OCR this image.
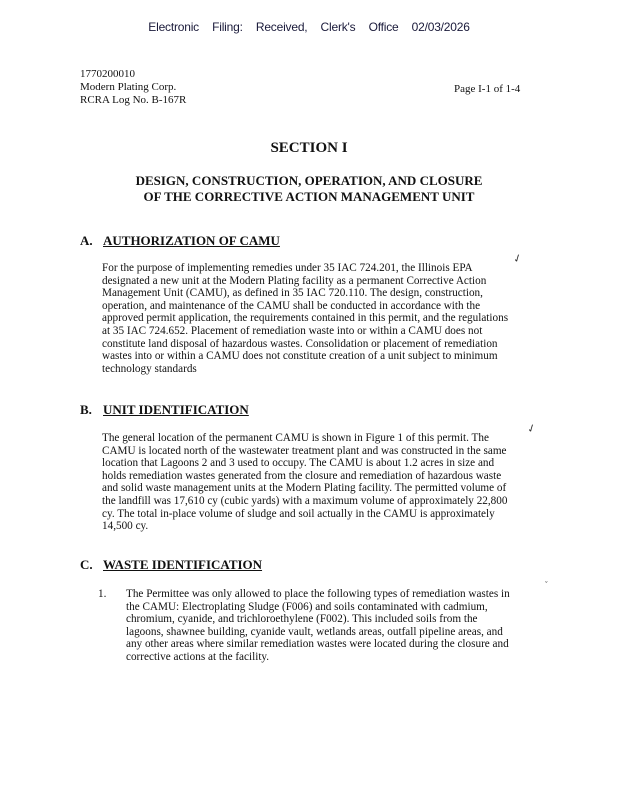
Electronic Filing: Received, Clerk's Office 02/03/2026
1770200010
Modern Plating Corp.
RCRA Log No. B-167R
Page I-1 of 1-4
SECTION I
DESIGN, CONSTRUCTION, OPERATION, AND CLOSURE
OF THE CORRECTIVE ACTION MANAGEMENT UNIT
A. AUTHORIZATION OF CAMU
For the purpose of implementing remedies under 35 IAC 724.201, the Illinois EPA
designated a new unit at the Modern Plating facility as a permanent Corrective Action
Management Unit (CAMU), as defined in 35 IAC 720.110. The design, construction,
operation, and maintenance of the CAMU shall be conducted in accordance with the
approved permit application, the requirements contained in this permit, and the regulations
at 35 IAC 724.652. Placement of remediation waste into or within a CAMU does not
constitute land disposal of hazardous wastes. Consolidation or placement of remediation
wastes into or within a CAMU does not constitute creation of a unit subject to minimum
technology standards
✓
B. UNIT IDENTIFICATION
The general location of the permanent CAMU is shown in Figure 1 of this permit. The
CAMU is located north of the wastewater treatment plant and was constructed in the same
location that Lagoons 2 and 3 used to occupy. The CAMU is about 1.2 acres in size and
holds remediation wastes generated from the closure and remediation of hazardous waste
and solid waste management units at the Modern Plating facility. The permitted volume of
the landfill was 17,610 cy (cubic yards) with a maximum volume of approximately 22,800
cy. The total in-place volume of sludge and soil actually in the CAMU is approximately
14,500 cy.
✓
C. WASTE IDENTIFICATION
1. The Permittee was only allowed to place the following types of remediation wastes in
the CAMU: Electroplating Sludge (F006) and soils contaminated with cadmium,
chromium, cyanide, and trichloroethylene (F002). This included soils from the
lagoons, shawnee building, cyanide vault, wetlands areas, outfall pipeline areas, and
any other areas where similar remediation wastes were located during the closure and
corrective actions at the facility.
ˇ
